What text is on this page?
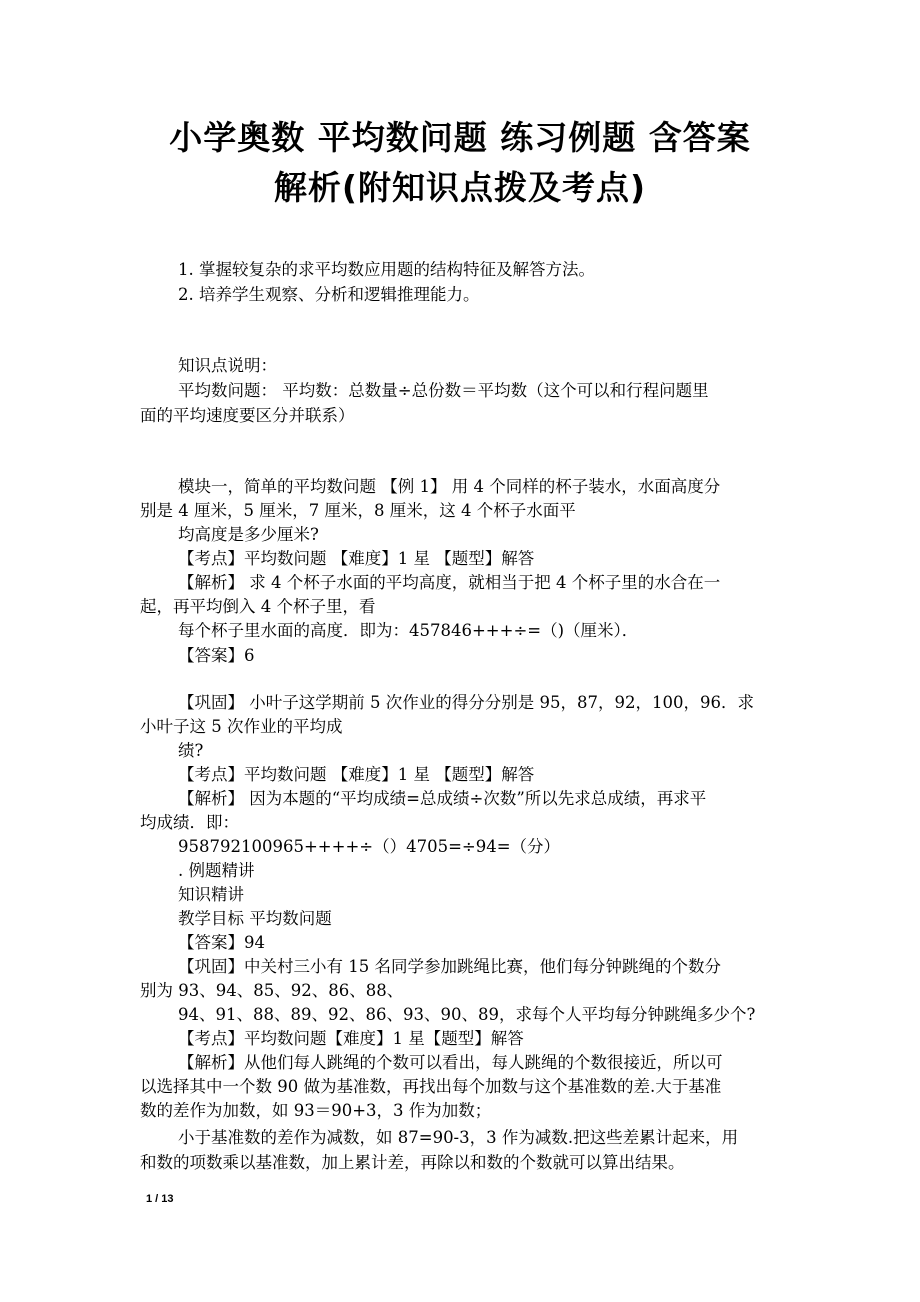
小学奥数 平均数问题 练习例题 含答案
解析(附知识点拨及考点)

1. 掌握较复杂的求平均数应用题的结构特征及解答方法。

2. 培养学生观察、分析和逻辑推理能力。

知识点说明：

平均数问题： 平均数：总数量÷总份数＝平均数（这个可以和行程问题里

面的平均速度要区分并联系）

模块一，简单的平均数问题 【例 1】 用 4 个同样的杯子装水，水面高度分

别是 4 厘米，5 厘米，7 厘米，8 厘米，这 4 个杯子水面平

均高度是多少厘米?

【考点】平均数问题 【难度】1 星 【题型】解答

【解析】 求 4 个杯子水面的平均高度，就相当于把 4 个杯子里的水合在一

起，再平均倒入 4 个杯子里，看

每个杯子里水面的高度．即为：457846+++÷=（)（厘米）．

【答案】6

【巩固】 小叶子这学期前 5 次作业的得分分别是 95，87，92，100，96．求

小叶子这 5 次作业的平均成

绩?

【考点】平均数问题 【难度】1 星 【题型】解答

【解析】 因为本题的“平均成绩=总成绩÷次数”所以先求总成绩，再求平

均成绩．即：

958792100965++++÷（）4705=÷94=（分）

. 例题精讲

知识精讲

教学目标 平均数问题

【答案】94

【巩固】中关村三小有 15 名同学参加跳绳比赛，他们每分钟跳绳的个数分

别为 93、94、85、92、86、88、

94、91、88、89、92、86、93、90、89，求每个人平均每分钟跳绳多少个?

【考点】平均数问题【难度】1 星【题型】解答

【解析】从他们每人跳绳的个数可以看出，每人跳绳的个数很接近，所以可

以选择其中一个数 90 做为基准数，再找出每个加数与这个基准数的差.大于基准

数的差作为加数，如 93＝90+3，3 作为加数；

小于基准数的差作为减数，如 87=90-3，3 作为减数.把这些差累计起来，用

和数的项数乘以基准数，加上累计差，再除以和数的个数就可以算出结果。

1 / 13
